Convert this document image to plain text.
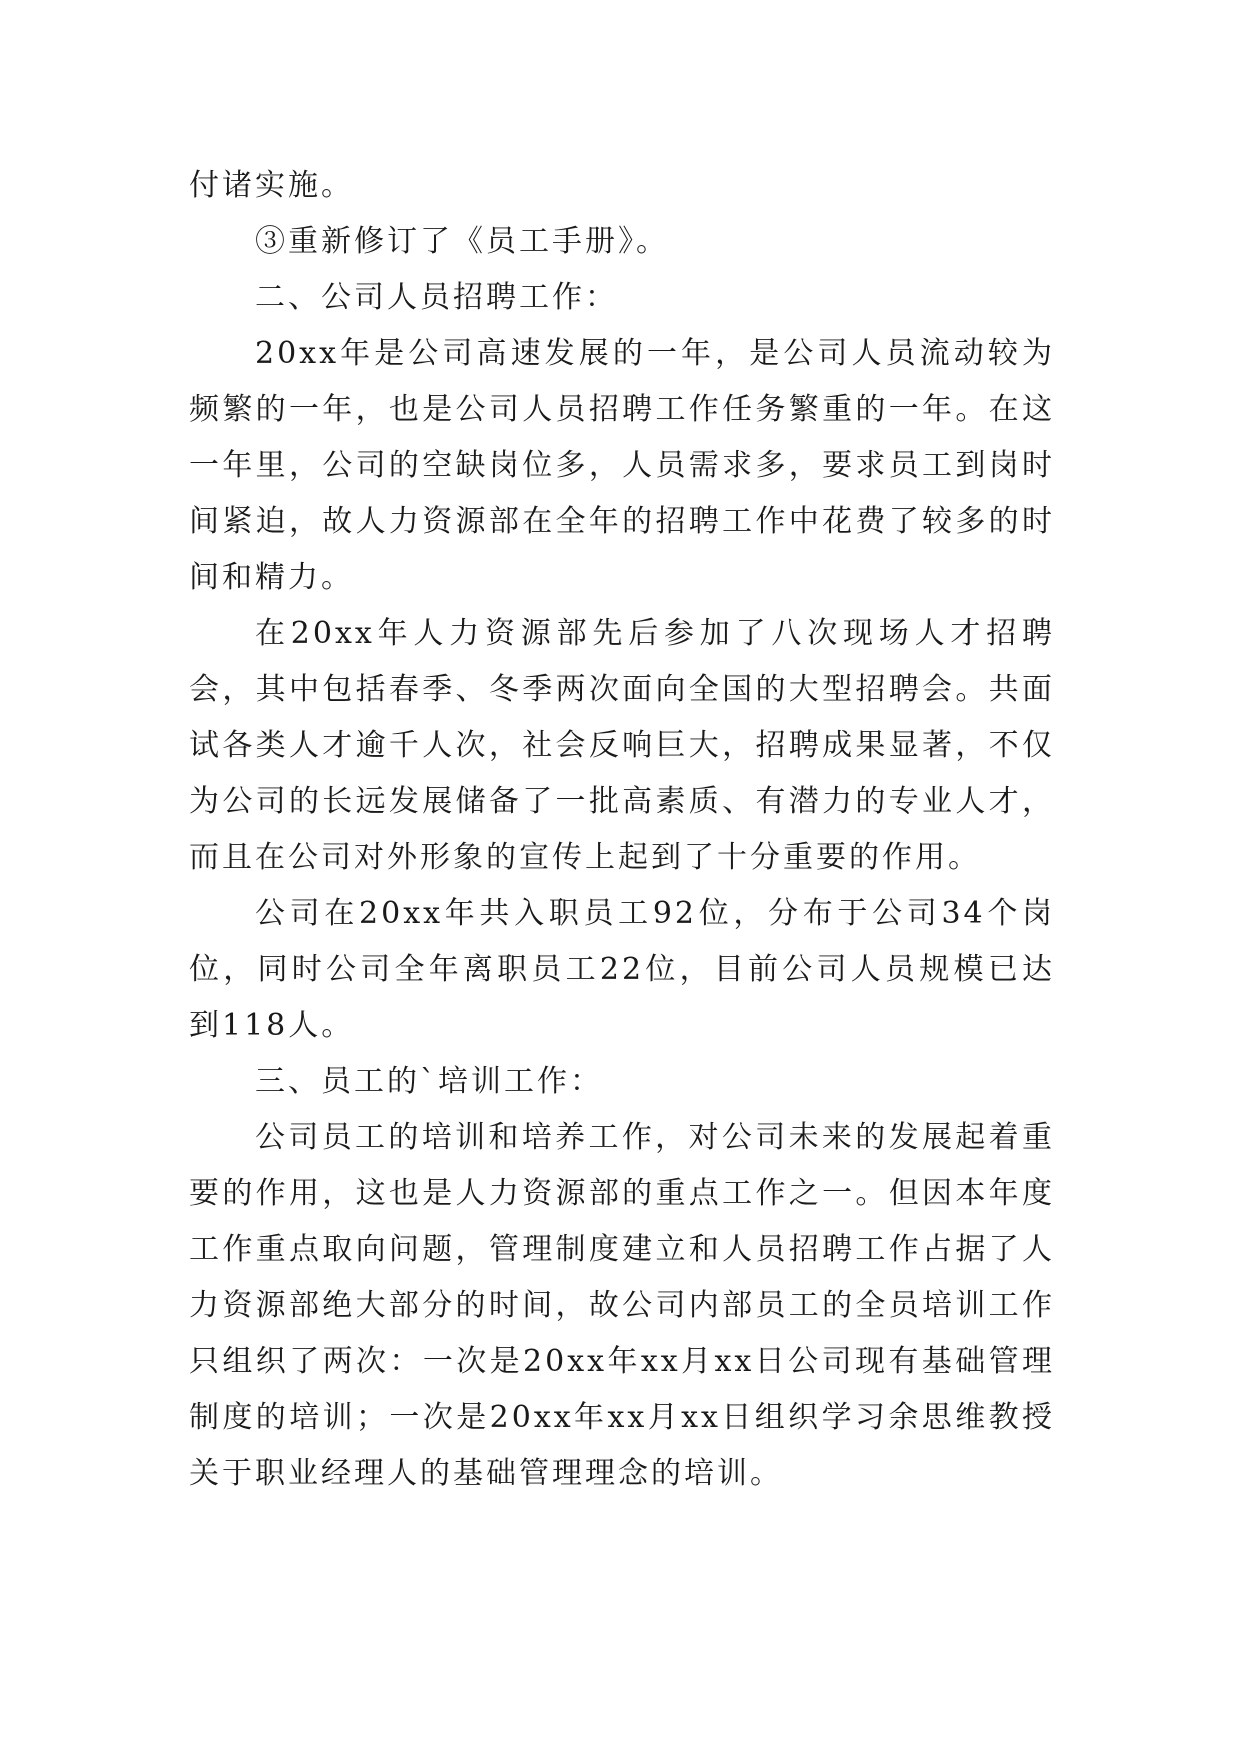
付诸实施。

③重新修订了《员工手册》。

二、公司人员招聘工作：

20xx年是公司高速发展的一年，是公司人员流动较为频繁的一年，也是公司人员招聘工作任务繁重的一年。在这一年里，公司的空缺岗位多，人员需求多，要求员工到岗时间紧迫，故人力资源部在全年的招聘工作中花费了较多的时间和精力。

在20xx年人力资源部先后参加了八次现场人才招聘会，其中包括春季、冬季两次面向全国的大型招聘会。共面试各类人才逾千人次，社会反响巨大，招聘成果显著，不仅为公司的长远发展储备了一批高素质、有潜力的专业人才，而且在公司对外形象的宣传上起到了十分重要的作用。

公司在20xx年共入职员工92位，分布于公司34个岗位，同时公司全年离职员工22位，目前公司人员规模已达到118人。

三、员工的`培训工作：

公司员工的培训和培养工作，对公司未来的发展起着重要的作用，这也是人力资源部的重点工作之一。但因本年度工作重点取向问题，管理制度建立和人员招聘工作占据了人力资源部绝大部分的时间，故公司内部员工的全员培训工作只组织了两次：一次是20xx年xx月xx日公司现有基础管理制度的培训；一次是20xx年xx月xx日组织学习余思维教授关于职业经理人的基础管理理念的培训。
